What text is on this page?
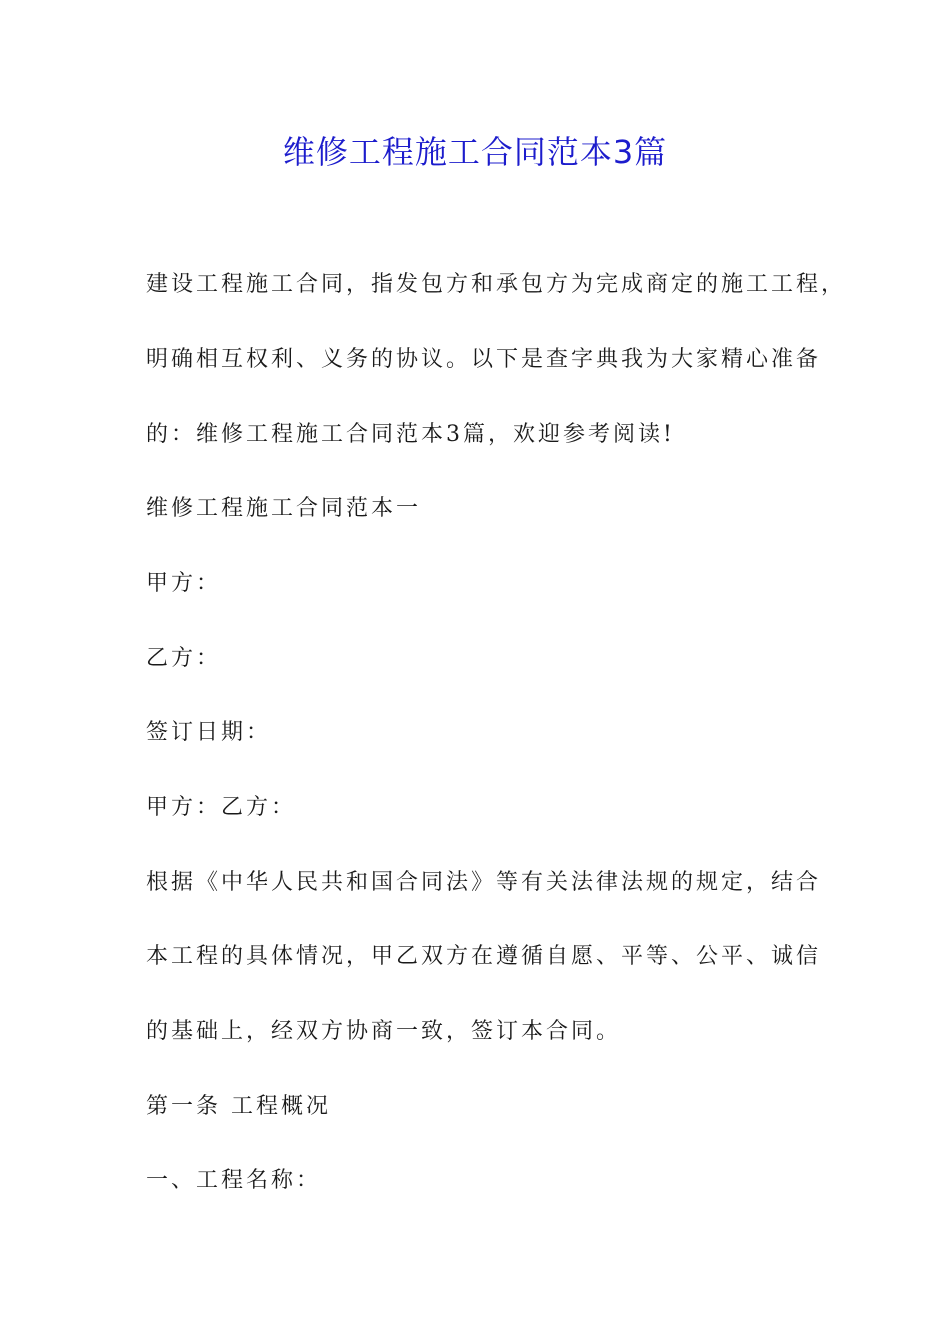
维修工程施工合同范本3篇
建设工程施工合同，指发包方和承包方为完成商定的施工工程，
明确相互权利、义务的协议。以下是查字典我为大家精心准备
的：维修工程施工合同范本3篇，欢迎参考阅读!
维修工程施工合同范本一
甲方：
乙方：
签订日期：
甲方：乙方：
根据《中华人民共和国合同法》等有关法律法规的规定，结合
本工程的具体情况，甲乙双方在遵循自愿、平等、公平、诚信
的基础上，经双方协商一致，签订本合同。
第一条 工程概况
一、工程名称：
